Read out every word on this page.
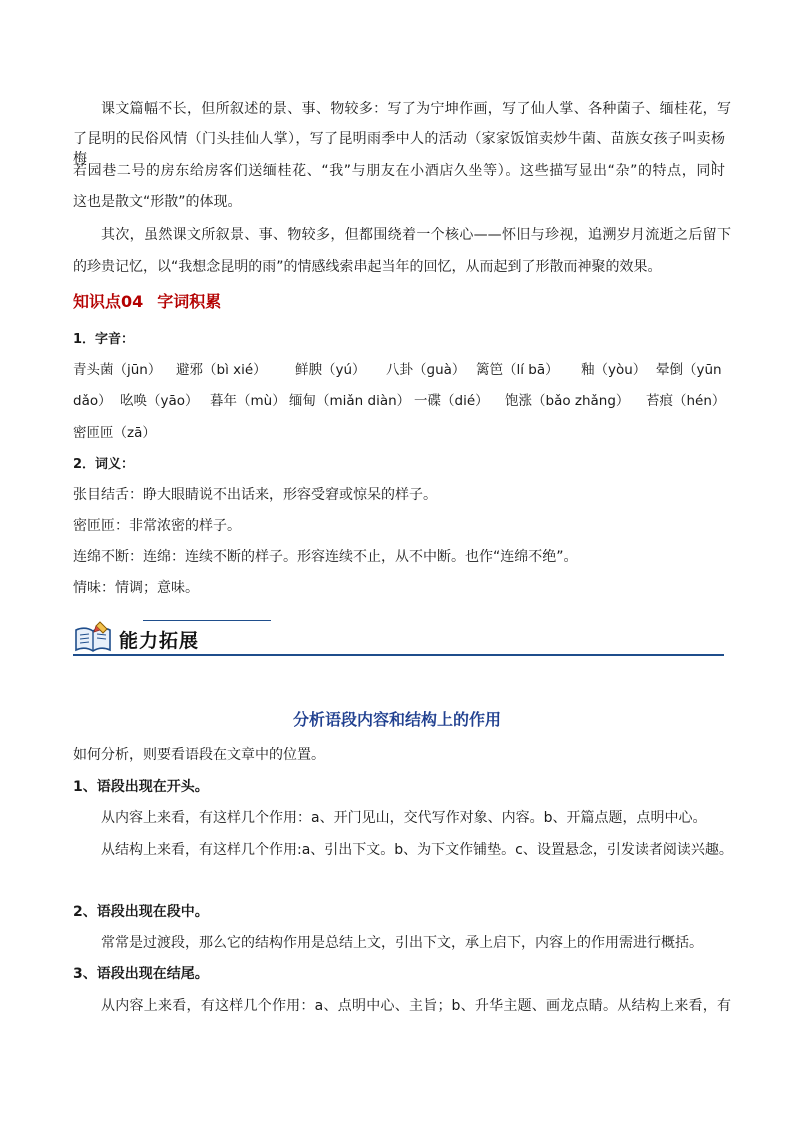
课文篇幅不长，但所叙述的景、事、物较多：写了为宁坤作画，写了仙人掌、各种菌子、缅桂花，写
了昆明的民俗风情（门头挂仙人掌），写了昆明雨季中人的活动（家家饭馆卖炒牛菌、苗族女孩子叫卖杨梅、
若园巷二号的房东给房客们送缅桂花、“我”与朋友在小酒店久坐等）。这些描写显出“杂”的特点，同时
这也是散文“形散”的体现。
其次，虽然课文所叙景、事、物较多，但都围绕着一个核心——怀旧与珍视，追溯岁月流逝之后留下
的珍贵记忆，以“我想念昆明的雨”的情感线索串起当年的回忆，从而起到了形散而神聚的效果。
知识点04 字词积累
1．字音：
青头菌（jūn） 避邪（bì xié） 鲜腴（yú） 八卦（ɡuà） 篱笆（lí bā） 釉（yòu） 晕倒（yūn
dǎo） 吆唤（yāo） 暮年（mù） 缅甸（miǎn diàn） 一碟（dié） 饱涨（bǎo zhǎng） 苔痕（hén）
密匝匝（zā）
2．词义：
张目结舌：睁大眼睛说不出话来，形容受窘或惊呆的样子。
密匝匝：非常浓密的样子。
连绵不断：连绵：连续不断的样子。形容连续不止，从不中断。也作“连绵不绝”。
情味：情调；意味。
能力拓展
分析语段内容和结构上的作用
如何分析，则要看语段在文章中的位置。
1、语段出现在开头。
从内容上来看，有这样几个作用：a、开门见山，交代写作对象、内容。b、开篇点题，点明中心。
从结构上来看，有这样几个作用:a、引出下文。b、为下文作铺垫。c、设置悬念，引发读者阅读兴趣。
2、语段出现在段中。
常常是过渡段，那么它的结构作用是总结上文，引出下文，承上启下，内容上的作用需进行概括。
3、语段出现在结尾。
从内容上来看，有这样几个作用：a、点明中心、主旨；b、升华主题、画龙点睛。从结构上来看，有
